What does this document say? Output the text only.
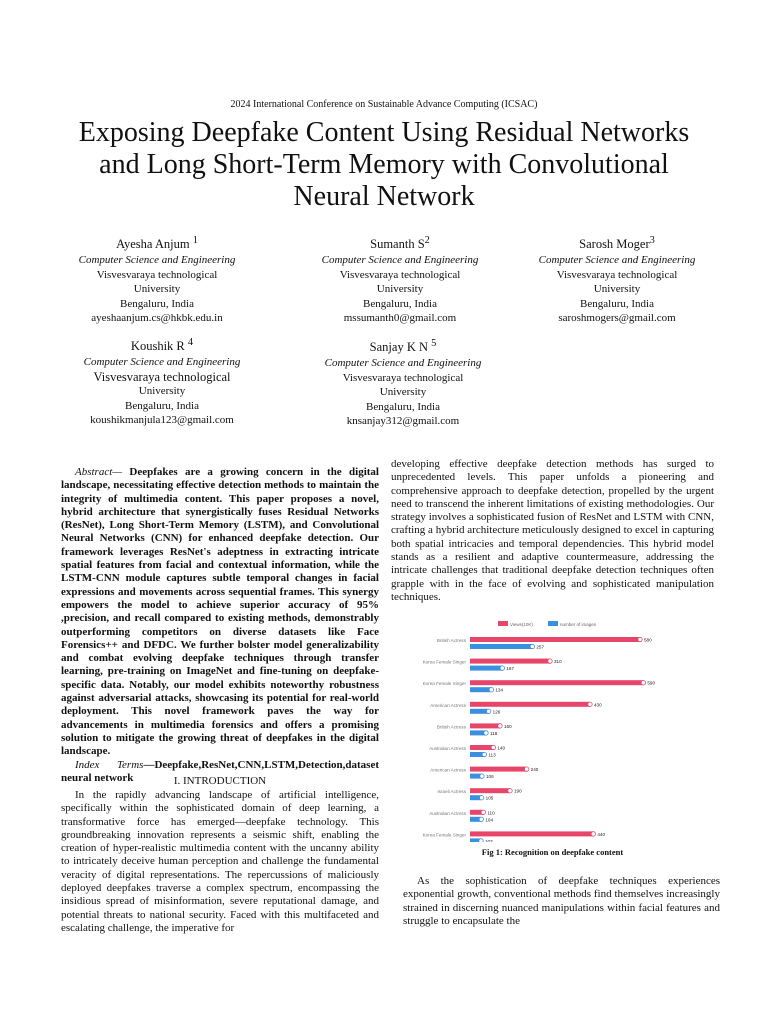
2024 International Conference on Sustainable Advance Computing (ICSAC)
Exposing Deepfake Content Using Residual Networks and Long Short-Term Memory with Convolutional Neural Network
Ayesha Anjum $^1$
Computer Science and Engineering
Visvesvaraya technological
University
Bengaluru, India
ayeshaanjum.cs@hkbk.edu.in
Sumanth $S^2$
Computer Science and Engineering
Visvesvaraya technological
University
Bengaluru, India
mssumanth0@gmail.com
Sarosh Moger$^3$
Computer Science and Engineering
Visvesvaraya technological
University
Bengaluru, India
saroshmogers@gmail.com
Koushik R $^4$
Computer Science and Engineering
Visvesvaraya technological
University
Bengaluru, India
koushikmanjula123@gmail.com
Sanjay K N $^5$
Computer Science and Engineering
Visvesvaraya technological
University
Bengaluru, India
knsanjay312@gmail.com

Abstract— Deepfakes are a growing concern in the digital landscape, necessitating effective detection methods to maintain the integrity of multimedia content. This paper proposes a novel, hybrid architecture that synergistically fuses Residual Networks (ResNet), Long Short-Term Memory (LSTM), and Convolutional Neural Networks (CNN) for enhanced deepfake detection. Our framework leverages ResNet's adeptness in extracting intricate spatial features from facial and contextual information, while the LSTM-CNN module captures subtle temporal changes in facial expressions and movements across sequential frames. This synergy empowers the model to achieve superior accuracy of 95% ,precision, and recall compared to existing methods, demonstrably outperforming competitors on diverse datasets like Face Forensics++ and DFDC. We further bolster model generalizability and combat evolving deepfake techniques through transfer learning, pre-training on ImageNet and fine-tuning on deepfake-specific data. Notably, our model exhibits noteworthy robustness against adversarial attacks, showcasing its potential for real-world deployment. This novel framework paves the way for advancements in multimedia forensics and offers a promising solution to mitigate the growing threat of deepfakes in the digital landscape.

Index Terms—Deepfake,ResNet,CNN,LSTM,Detection,dataset neural network	I. INTRODUCTION

In the rapidly advancing landscape of artificial intelligence, specifically within the sophisticated domain of deep learning, a transformative force has emerged—deepfake technology. This groundbreaking innovation represents a seismic shift, enabling the creation of hyper-realistic multimedia content with the uncanny ability to intricately deceive human perception and challenge the fundamental veracity of digital representations. The repercussions of maliciously deployed deepfakes traverse a complex spectrum, encompassing the insidious spread of misinformation, severe reputational damage, and potential threats to national security. Faced with this multifaceted and escalating challenge, the imperative for

developing effective deepfake detection methods has surged to unprecedented levels. This paper unfolds a pioneering and comprehensive approach to deepfake detection, propelled by the urgent need to transcend the inherent limitations of existing methodologies. Our strategy involves a sophisticated fusion of ResNet and LSTM with CNN, crafting a hybrid architecture meticulously designed to excel in capturing both spatial intricacies and temporal dependencies. This hybrid model stands as a resilient and adaptive countermeasure, addressing the intricate challenges that traditional deepfake detection techniques often grapple with in the face of evolving and sophisticated manipulation techniques.

Views(10K)	number of images
British Actress	580
257
Korea Female Singer	310
167
Korea Female Singer	590
134
American Actress	430
126
British Actress	160
118
Australian Actress	140
113
American Actress	240
106
Israeli Actress	190
105
Australian Actress	110
104
Korea Female Singer	440
103
Fig 1: Recognition on deepfake content

As the sophistication of deepfake techniques experiences exponential growth, conventional methods find themselves increasingly strained in discerning nuanced manipulations within facial features and struggle to encapsulate the
